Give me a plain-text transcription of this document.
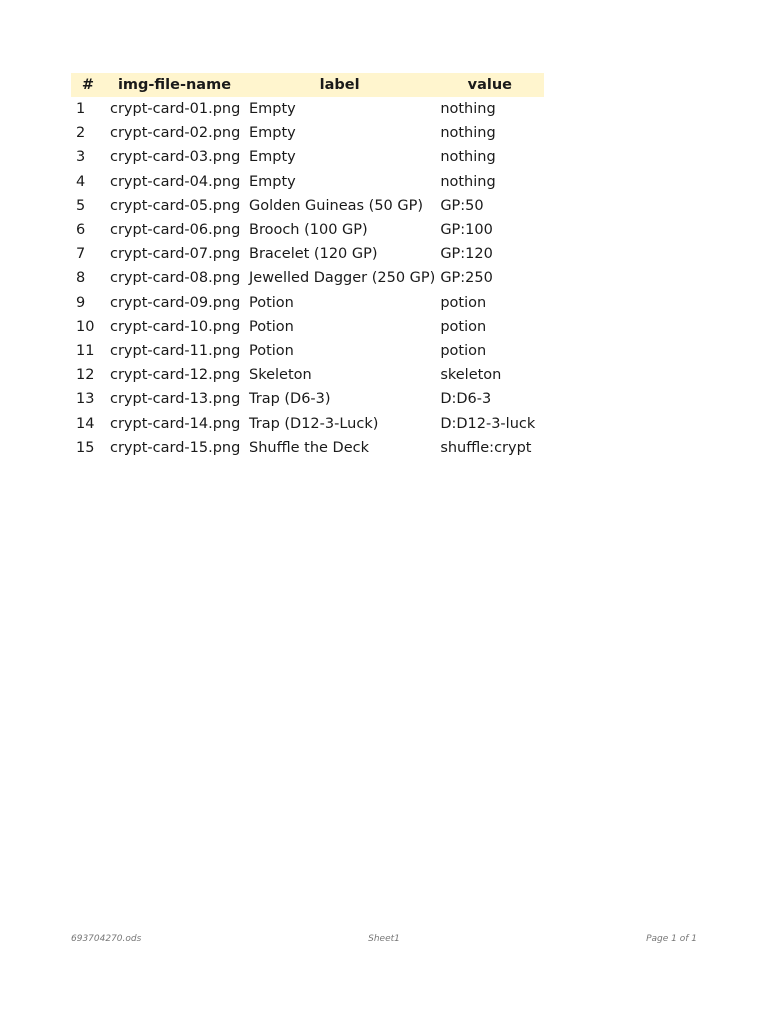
#	img-file-name	label	value
1	crypt-card-01.png	Empty	nothing
2	crypt-card-02.png	Empty	nothing
3	crypt-card-03.png	Empty	nothing
4	crypt-card-04.png	Empty	nothing
5	crypt-card-05.png	Golden Guineas (50 GP)	GP:50
6	crypt-card-06.png	Brooch (100 GP)	GP:100
7	crypt-card-07.png	Bracelet (120 GP)	GP:120
8	crypt-card-08.png	Jewelled Dagger (250 GP)	GP:250
9	crypt-card-09.png	Potion	potion
10	crypt-card-10.png	Potion	potion
11	crypt-card-11.png	Potion	potion
12	crypt-card-12.png	Skeleton	skeleton
13	crypt-card-13.png	Trap (D6-3)	D:D6-3
14	crypt-card-14.png	Trap (D12-3-Luck)	D:D12-3-luck
15	crypt-card-15.png	Shuffle the Deck	shuffle:crypt
693704270.ods	Sheet1	Page 1 of 1
